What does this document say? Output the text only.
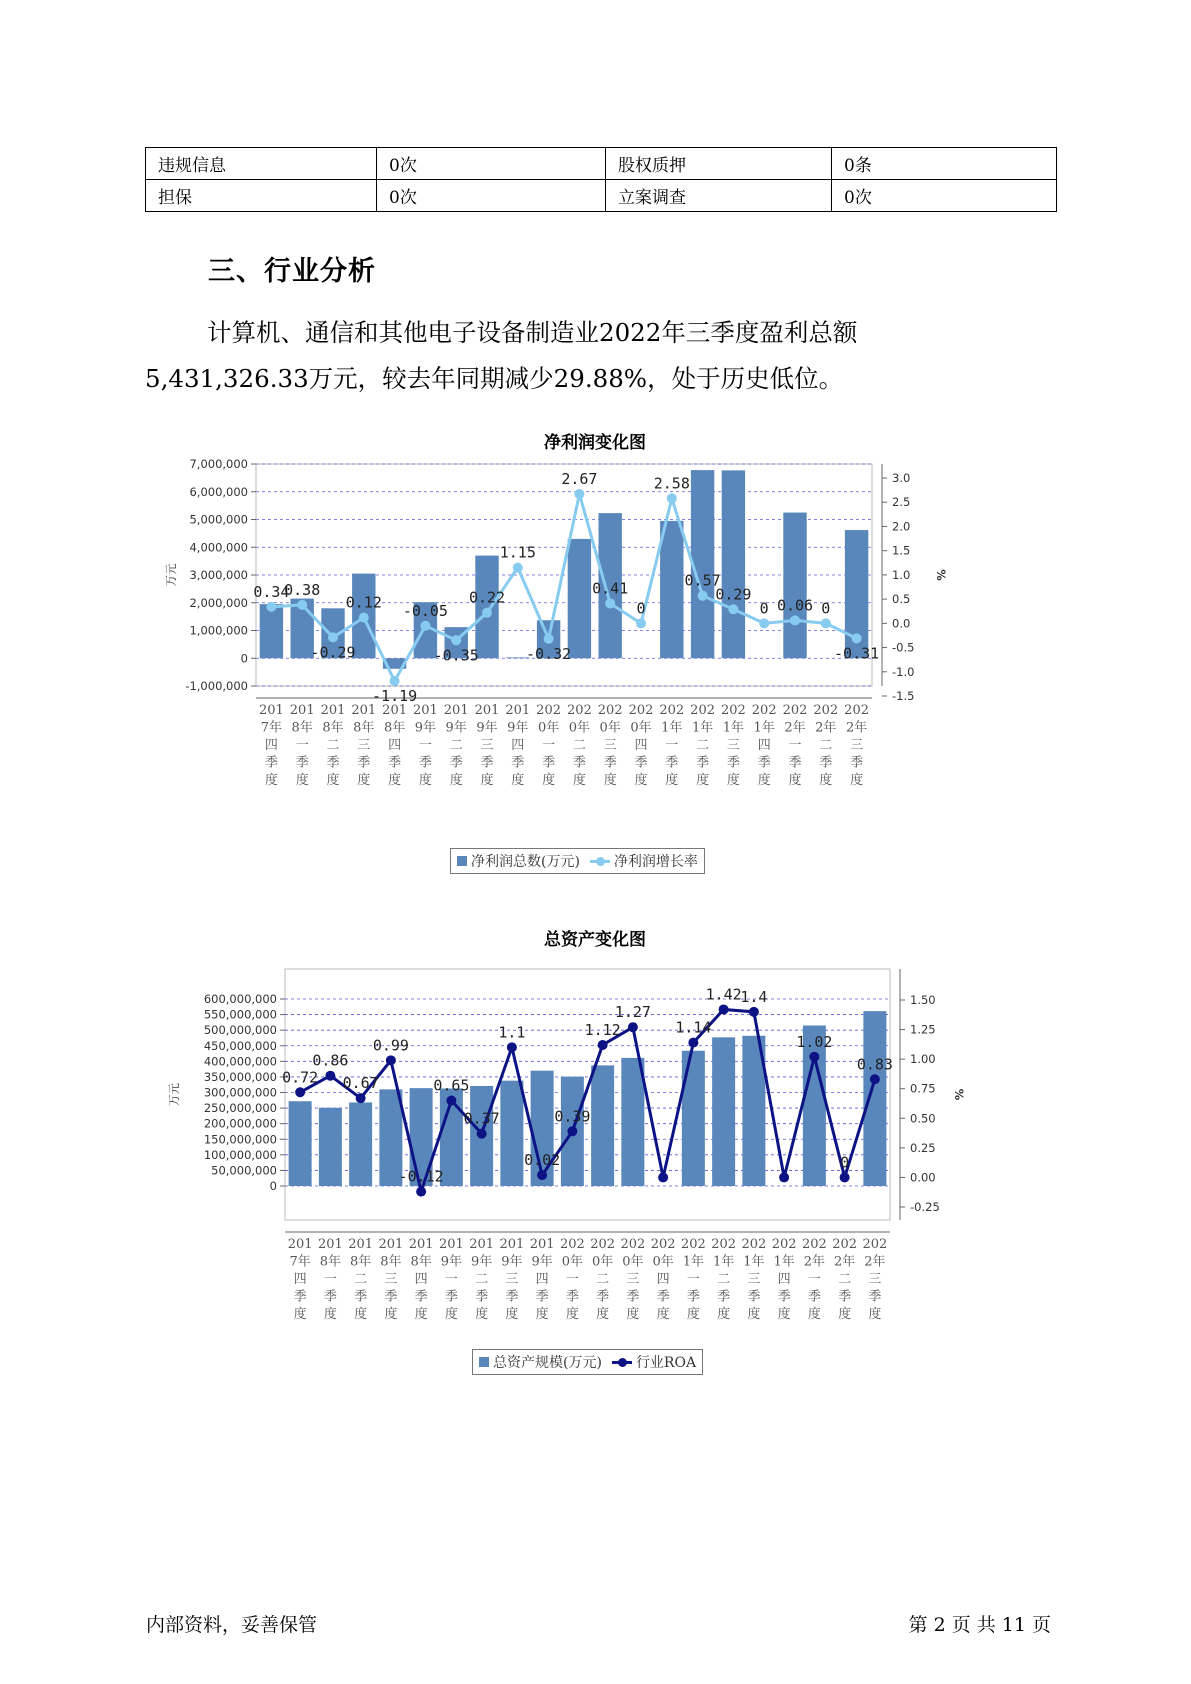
违规信息	0次	股权质押	0条
担保	0次	立案调查	0次
三、行业分析

计算机、通信和其他电子设备制造业2022年三季度盈利总额
5,431,326.33万元，较去年同期减少29.88%，处于历史低位。

净利润变化图
7,000,000
6,000,000
5,000,000
4,000,000
3,000,000
2,000,000
1,000,000
0
-1,000,000
万元
3.0
2.5
2.0
1.5
1.0
0.5
0.0
-0.5
-1.0
-1.5
%
201 7年四季度
201 8年一季度
201 8年二季度
201 8年三季度
201 8年四季度
201 9年一季度
201 9年二季度
201 9年三季度
201 9年四季度
202 0年一季度
202 0年二季度
202 0年三季度
202 0年四季度
202 1年一季度
202 1年二季度
202 1年三季度
202 1年四季度
202 2年一季度
202 2年二季度
202 2年三季度
0.34
0.38
-0.29
0.12
-1.19
-0.05
-0.35
0.22
1.15
-0.32
2.67
0.41
0
2.58
0.57
0.29
0 0.06 0
-0.31
净利润总数(万元) 净利润增长率
总资产变化图
600,000,000
550,000,000
500,000,000
450,000,000
400,000,000
350,000,000
300,000,000
250,000,000
200,000,000
150,000,000
100,000,000
50,000,000
0
万元
1.50
1.25
1.00
0.75
0.50
0.25
0.00
-0.25
%
201 7年四季度
201 8年一季度
201 8年二季度
201 8年三季度
201 8年四季度
201 9年一季度
201 9年二季度
201 9年三季度
201 9年四季度
202 0年一季度
202 0年二季度
202 0年三季度
202 0年四季度
202 1年一季度
202 1年二季度
202 1年三季度
202 1年四季度
202 2年一季度
202 2年二季度
202 2年三季度
0.72
0.86
0.67
0.99
-0.12
0.65
0.37
1.1
0.02
0.39
1.12
1.27
1.14
1.42
1.4
1.02
0
0.83
总资产规模(万元) 行业ROA
内部资料，妥善保管	第 2 页 共 11 页
